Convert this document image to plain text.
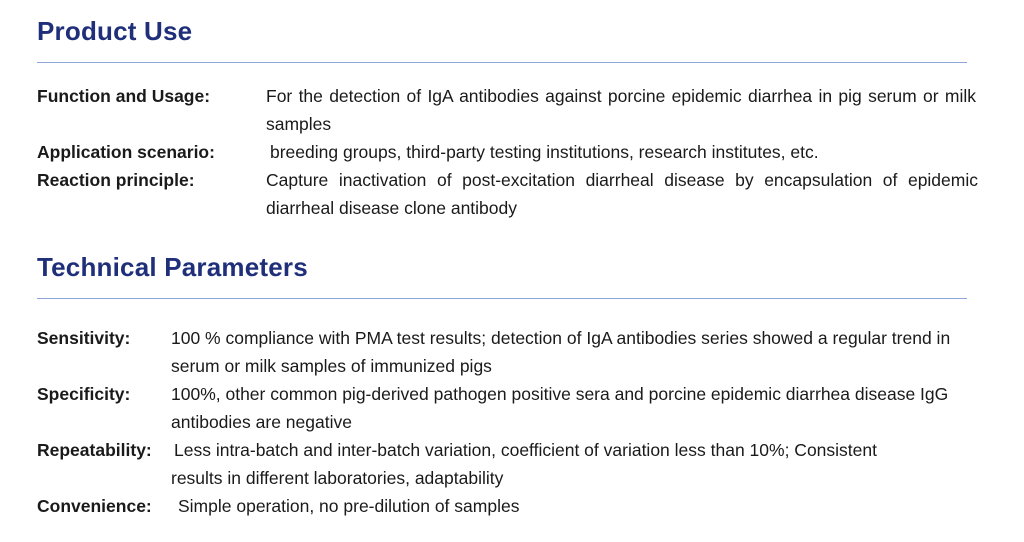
Product Use
Function and Usage:	For the detection of IgA antibodies against porcine epidemic diarrhea in pig serum or milk samples
Application scenario:	breeding groups, third-party testing institutions, research institutes, etc.
Reaction principle:	Capture inactivation of post-excitation diarrheal disease by encapsulation of epidemic diarrheal disease clone antibody
Technical Parameters
Sensitivity: 100 % compliance with PMA test results; detection of IgA antibodies series showed a regular trend in serum or milk samples of immunized pigs
Specificity: 100%, other common pig-derived pathogen positive sera and porcine epidemic diarrhea disease IgG antibodies are negative
Repeatability: Less intra-batch and inter-batch variation, coefficient of variation less than 10%; Consistent results in different laboratories, adaptability
Convenience: Simple operation, no pre-dilution of samples
